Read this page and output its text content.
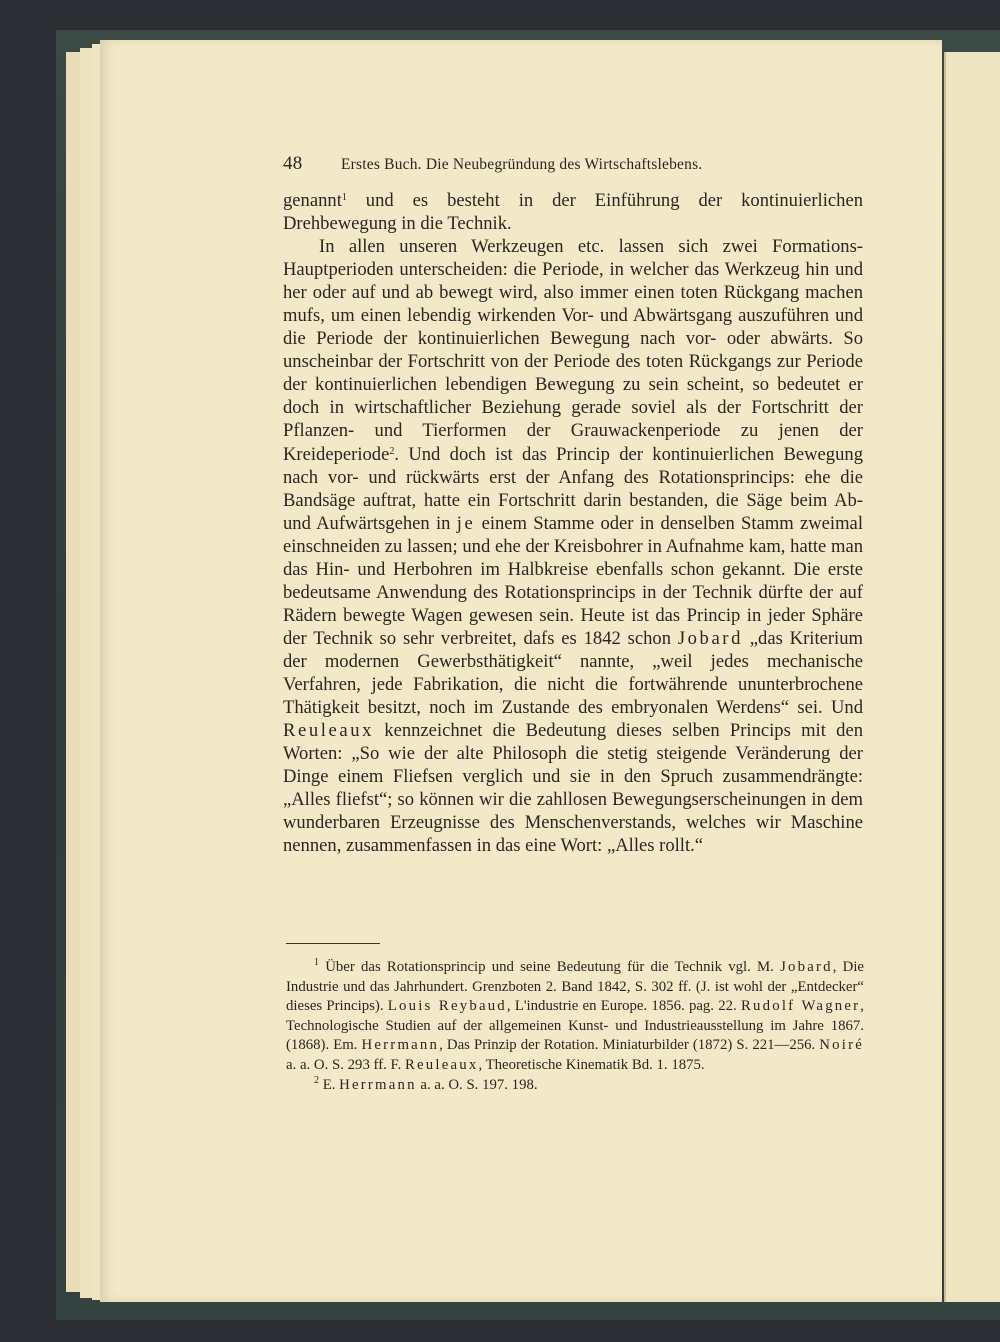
48 Erstes Buch. Die Neubegründung des Wirtschaftslebens.

genannt$^1$ und es besteht in der Einführung der kontinuierlichen Drehbewegung in die Technik.

In allen unseren Werkzeugen etc. lassen sich zwei Formations-Hauptperioden unterscheiden: die Periode, in welcher das Werkzeug hin und her oder auf und ab bewegt wird, also immer einen toten Rückgang machen mufs, um einen lebendig wirkenden Vor- und Abwärtsgang auszuführen und die Periode der kontinuierlichen Bewegung nach vor- oder abwärts. So unscheinbar der Fortschritt von der Periode des toten Rückgangs zur Periode der kontinuierlichen lebendigen Bewegung zu sein scheint, so bedeutet er doch in wirtschaftlicher Beziehung gerade soviel als der Fortschritt der Pflanzen- und Tierformen der Grauwackenperiode zu jenen der Kreideperiode$^2$. Und doch ist das Princip der kontinuierlichen Bewegung nach vor- und rückwärts erst der Anfang des Rotationsprincips: ehe die Bandsäge auftrat, hatte ein Fortschritt darin bestanden, die Säge beim Ab- und Aufwärtsgehen in je einem Stamme oder in denselben Stamm zweimal einschneiden zu lassen; und ehe der Kreisbohrer in Aufnahme kam, hatte man das Hin- und Herbohren im Halbkreise ebenfalls schon gekannt. Die erste bedeutsame Anwendung des Rotationsprincips in der Technik dürfte der auf Rädern bewegte Wagen gewesen sein. Heute ist das Princip in jeder Sphäre der Technik so sehr verbreitet, dafs es 1842 schon Jobard „das Kriterium der modernen Gewerbsthätigkeit“ nannte, „weil jedes mechanische Verfahren, jede Fabrikation, die nicht die fortwährende ununterbrochene Thätigkeit besitzt, noch im Zustande des embryonalen Werdens“ sei. Und Reuleaux kennzeichnet die Bedeutung dieses selben Princips mit den Worten: „So wie der alte Philosoph die stetig steigende Veränderung der Dinge einem Fliefsen verglich und sie in den Spruch zusammendrängte: „Alles fliefst“; so können wir die zahllosen Bewegungserscheinungen in dem wunderbaren Erzeugnisse des Menschenverstands, welches wir Maschine nennen, zusammenfassen in das eine Wort: „Alles rollt.“

$^1$ Über das Rotationsprincip und seine Bedeutung für die Technik vgl. M. Jobard, Die Industrie und das Jahrhundert. Grenzboten 2. Band 1842, S. 302 ff. (J. ist wohl der „Entdecker“ dieses Princips). Louis Reybaud, L'industrie en Europe. 1856. pag. 22. Rudolf Wagner, Technologische Studien auf der allgemeinen Kunst- und Industrieausstellung im Jahre 1867. (1868). Em. Herrmann, Das Prinzip der Rotation. Miniaturbilder (1872) S. 221—256. Noiré a. a. O. S. 293 ff. F. Reuleaux, Theoretische Kinematik Bd. 1. 1875.

$^2$ E. Herrmann a. a. O. S. 197. 198.
